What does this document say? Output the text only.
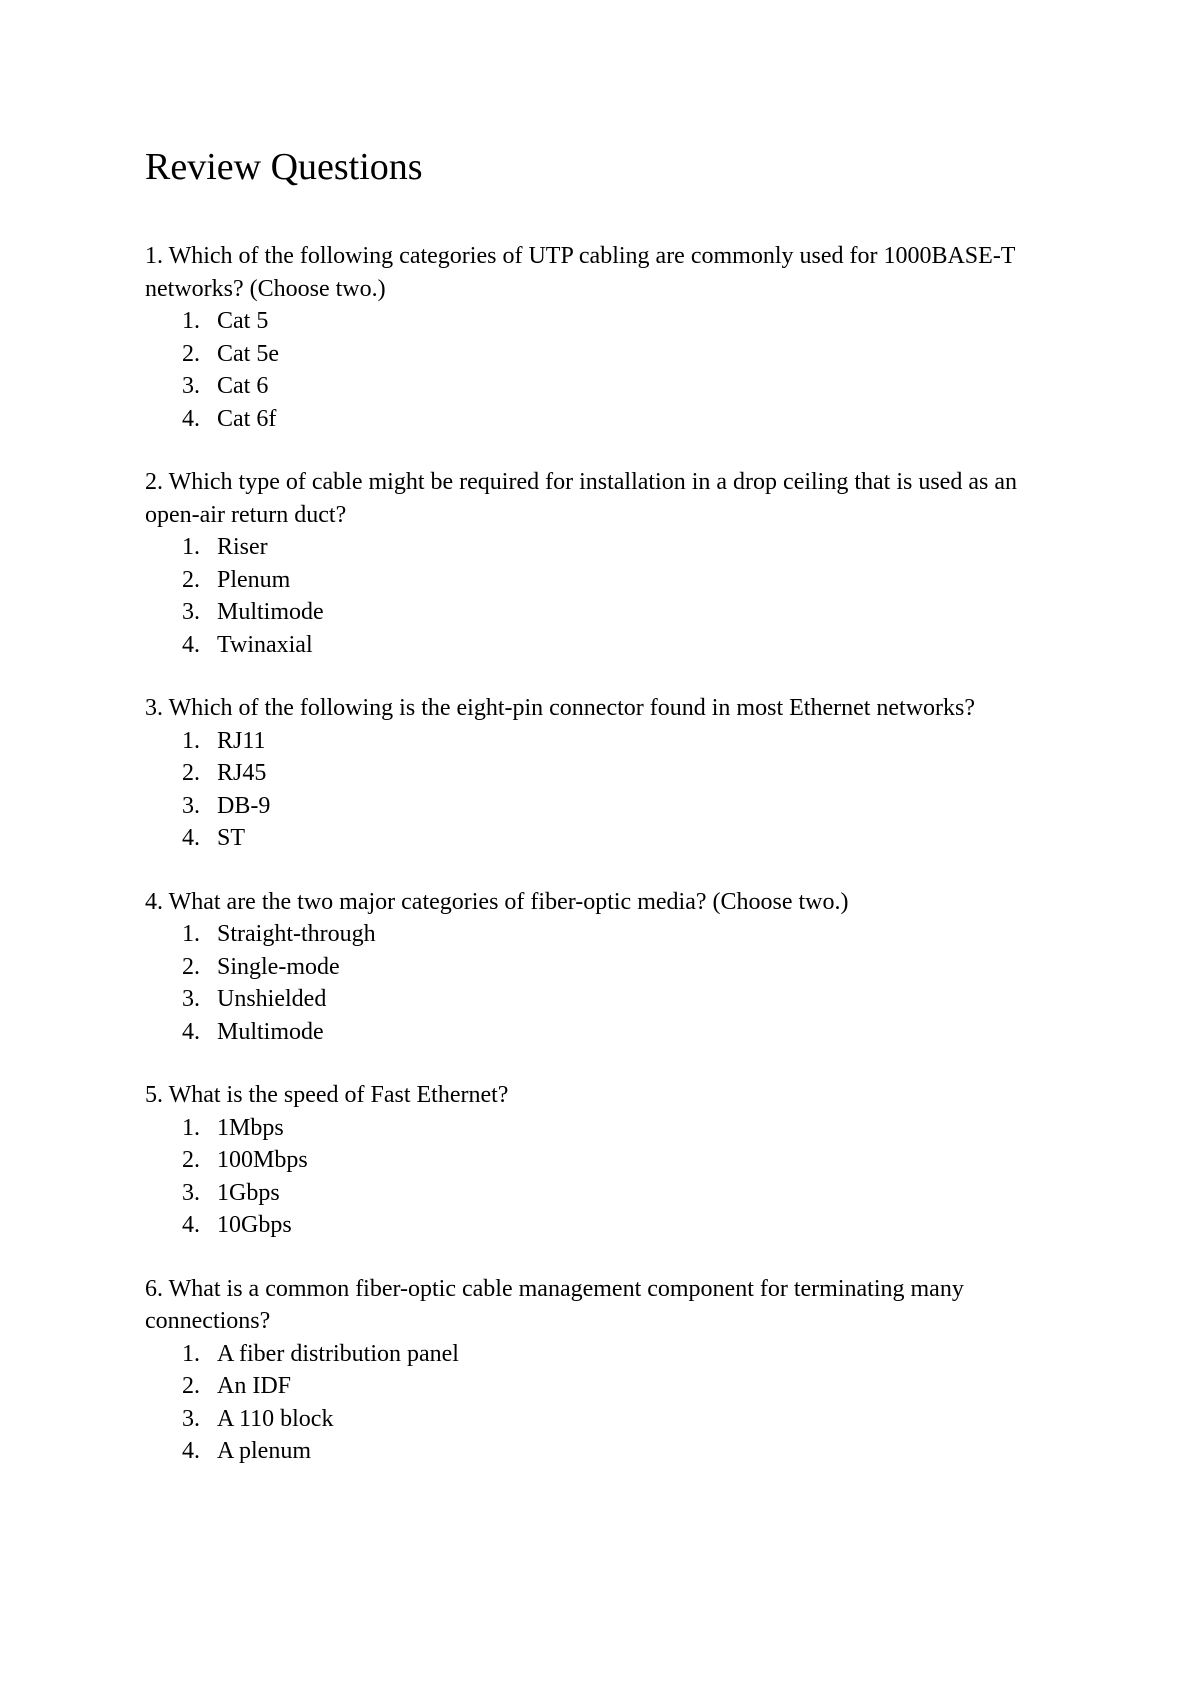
Review Questions

1. Which of the following categories of UTP cabling are commonly used for 1000BASE-T networks? (Choose two.)

1. Cat 5
2. Cat 5e
3. Cat 6
4. Cat 6f

2. Which type of cable might be required for installation in a drop ceiling that is used as an open-air return duct?

1. Riser
2. Plenum
3. Multimode
4. Twinaxial

3. Which of the following is the eight-pin connector found in most Ethernet networks?

1. RJ11
2. RJ45
3. DB-9
4. ST

4. What are the two major categories of fiber-optic media? (Choose two.)

1. Straight-through
2. Single-mode
3. Unshielded
4. Multimode

5. What is the speed of Fast Ethernet?

1. 1Mbps
2. 100Mbps
3. 1Gbps
4. 10Gbps

6. What is a common fiber-optic cable management component for terminating many connections?

1. A fiber distribution panel
2. An IDF
3. A 110 block
4. A plenum
